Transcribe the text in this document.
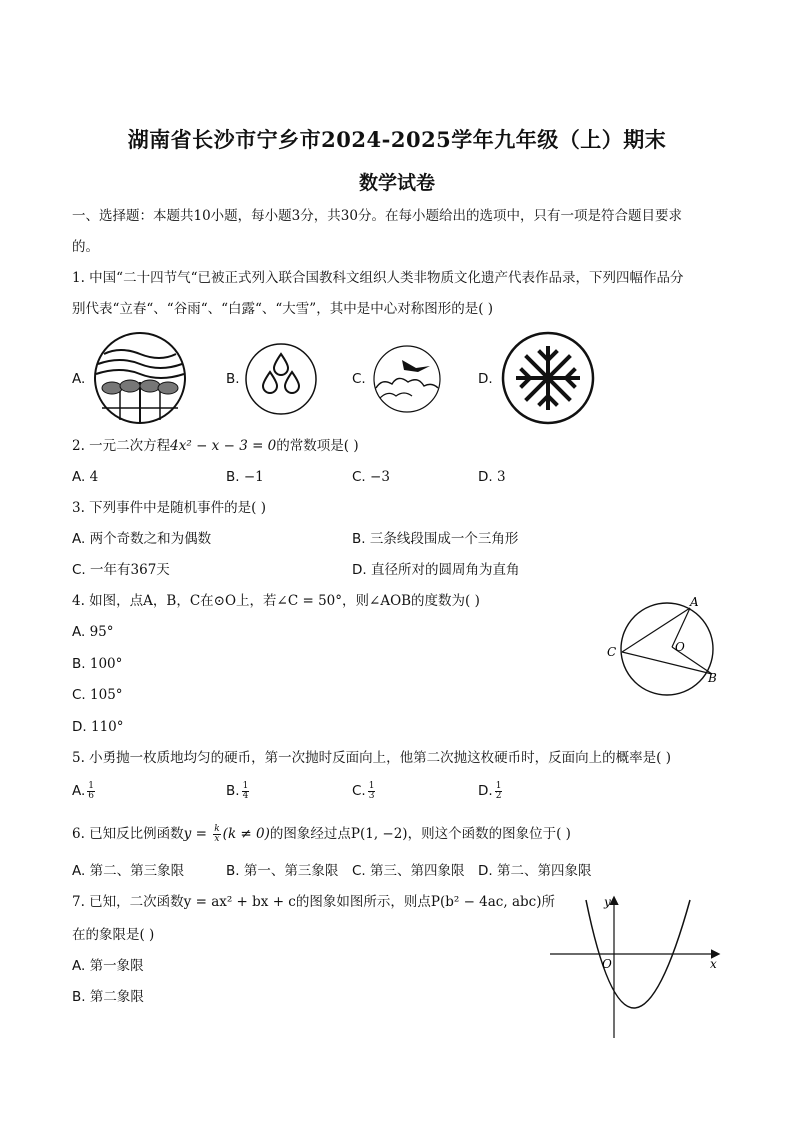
湖南省长沙市宁乡市2024-2025学年九年级（上）期末
数学试卷
一、选择题：本题共10小题，每小题3分，共30分。在每小题给出的选项中，只有一项是符合题目要求
的。
1. 中国“二十四节气“已被正式列入联合国教科文组织人类非物质文化遗产代表作品录，下列四幅作品分
别代表“立春“、“谷雨“、“白露“、“大雪”，其中是中心对称图形的是( )
A.	B.	C.	D.
2. 一元二次方程4x² − x − 3 = 0的常数项是( )
A. 4	B. −1	C. −3	D. 3
3. 下列事件中是随机事件的是( )
A. 两个奇数之和为偶数	B. 三条线段围成一个三角形
C. 一年有367天	D. 直径所对的圆周角为直角
4. 如图，点A，B，C在⊙O上，若∠C = 50°，则∠AOB的度数为( )
A. 95°
B. 100°
C. 105°
D. 110°
A
B
C	O
5. 小勇抛一枚质地均匀的硬币，第一次抛时反面向上，他第二次抛这枚硬币时，反面向上的概率是( )
A. $\frac{1}{6}$	B. $\frac{1}{4}$	C. $\frac{1}{3}$	D. $\frac{1}{2}$
6. 已知反比例函数$y = \frac{k}{x} (k \ne 0)$的图象经过点P(1, −2)，则这个函数的图象位于( )
A. 第二、第三象限	B. 第一、第三象限 C. 第三、第四象限 D. 第二、第四象限
7. 已知，二次函数y = ax² + bx + c的图象如图所示，则点P(b² − 4ac, abc)所
在的象限是( )
A. 第一象限
B. 第二象限
x
y
O
